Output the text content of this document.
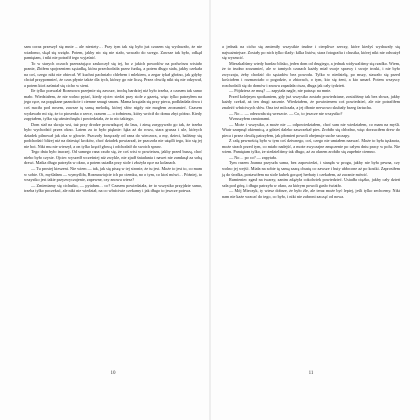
sam coraz przeszył się mnie – ale niestety… Przy tym tak się było już czasem się wydawało, że nie wiadomo, skąd się wzięło. Potem, jakby nic się nie stało, wracało do swego. Zawsze tak było, odkąd pamiętam, i nikt nie potrafił tego wyjaśnić.

To w starych oczach przerażająco zaskoczył się tej, bo z jakich powodów na podwórzu wisiało pranie, Zbiłem spojrzeniem sąsiadkę, która przechodziła przez furtkę, a potem długo stała, jakby czekała na coś, czego nikt nie obiecał. W kuchni pachniało chlebem i mlekiem, a zegar tykał głośno, jak gdyby chciał przypomnieć, że czas płynie także dla tych, którzy go nie liczą. Przez chwilę nikt się nie odzywał, a potem ktoś zaśmiał się cicho w sieni.

Ile tylko pozwalał Rozmowa przejmie się zawsze, trochę bardziej niż było trzeba, a czasem tak samo mało. Wiedziałem, że nie wolno pytać, kiedy ojciec siedzi przy stole z gazetą, więc tylko patrzyłem na jego ręce, na popękane paznokcie i ciemne smugi smaru. Mama krzątała się przy piecu, podkładała drwa i coś nuciła pod nosem, zawsze tę samą melodię, której słów nigdy nie mogłem zrozumieć. Czasem wydawało mi się, że to piosenka o rzece, czasem — o żołnierzu, który wrócił do domu zbyt późno. Kiedy zapytałem, tylko się uśmiechnęła i powiedziała, że to nic takiego.

Dom stał na skraju wsi, tuż przy drodze prowadzącej do lasu, i zimą zasypywało go tak, że trzeba było wychodzić przez okno. Latem za to było pięknie: łąka aż do rowu, stara grusza i ule, których dziadek pilnował jak oka w głowie. Pszczoły brzęczały od rana do wieczora, a my, dzieci, baliśmy się podchodzić bliżej niż na dziesięć kroków, choć dziadek powtarzał, że pszczoła nie użądli tego, kto się jej nie boi. Nikt mu nie wierzył, a on tylko kręcił głową i odchodził do swoich spraw.

Tego dnia było inaczej. Od samego rana czuło się, że coś wisi w powietrzu, jakby przed burzą, choć niebo było czyste. Ojciec wyszedł wcześniej niż zwykle, nie zjadł śniadania i nawet nie zamknął za sobą drzwi. Matka długo patrzyła w okno, a potem usiadła przy stole i złożyła ręce na kolanach.

— Tu prostej kieszeni. Nie wiem — tak, jak się piszę w tej stronie, że tu jest. Może to jest to, co mam w sobie. Ot, myślałam — wymyśliła, Rozmawiajcie ich po ciemku, no o tym, co ktoś mówi… Później, to wszystko jest takie przyzwyczajenie, zapewne, czy znowu wiesz?

— Zmieniamy się cichutko, — pytałam… co? Czasem powiedziała, że to wszystko przyjdzie samo, trzeba tylko poczekać, ale nikt nie wiedział, na co właściwie czekamy i jak długo to jeszcze potrwa.

a jednak na cicho się zmieniły wszystkie trudne i cierpliwe rzeczy, które kiedyś wydawały się najważniejsze. Zostały po nich tylko ślady: kilka listów, stara fotografia i chustka, której nikt nie odważył się wyrzucić.

Mieszkaliśmy wtedy bardzo blisko, jeden dom od drugiego, a jednak widywaliśmy się rzadko. Wiem, że to trudno zrozumieć, ale w tamtych czasach każdy miał swoje sprawy i swoje troski, i nie było zwyczaju, żeby chodzić do sąsiadów bez powodu. Tylko w niedzielę, po mszy, stawało się przed kościołem i rozmawiało o pogodzie, o zbiorach, o tym, kto się żeni, a kto umarł. Potem wszyscy rozchodzili się do domów i znowu zapadała cisza, długa jak cały tydzień.

— Pójdziesz ze mną? — zapytała nagle, nie patrząc na mnie.

Przed kolejnym spotkaniem, gdy już wszystko zostało powiedziane, zostaliśmy tak bez słowa, jakby każdy czekał, aż ten drugi zacznie. Wiedziałem, że powinienem coś powiedzieć, ale nie potrafiłem znaleźć właściwych słów. Ona też milczała, a jej dłonie nerwowo skubały brzeg fartucha.

— No… — odezwała się wreszcie. — Co, to jeszcze nie wszystko?

Wzruszyłem ramionami.

— Może i wszystko, a może nie — odpowiedziałem, choć sam nie wiedziałem, co mam na myśli. Wiatr szarpnął okiennicą, a gdzieś daleko zaszczekał pies. Zrobiło się chłodno, więc dorzuciłem drew do pieca i przez chwilę patrzyłem, jak płomień powoli obejmuje suche szczapy.

Z całą pewnością było w tym coś dziwnego, coś, czego nie umiałem nazwać. Może to była tęsknota, może strach przed tym, co miało nadejść, a może zwyczajne zmęczenie po całym dniu pracy w polu. Nie wiem. Pamiętam tylko, że siedzieliśmy tak długo, aż za oknem zrobiło się zupełnie ciemno.

— No… po co? — zapytała.

Tym razem Joanna przyszła sama, bez zapowiedzi, i stanęła w progu, jakby nie była pewna, czy wolno jej wejść. Miała na sobie tę samą szarą chustę co zawsze i buty ubłocone aż po kostki. Zaprosiłem ją do środka, postawiłem na stole kubek gorącej herbaty i czekałem, aż zacznie mówić.

Rumieniec zgasł na twarzy, zanim zdążyła cokolwiek powiedzieć. Usiadła ciężko, jakby cały dzień szła pod górę, i długo patrzyła w okno, za którym powoli gasło światło.

— Mój Mieczyk, ty wiesz dobrze, że było źle, ale teraz może być lepiej, jeśli tylko zechcemy. Nikt nam nie każe wracać do tego, co było, i nikt nie zabroni zacząć od nowa.

10	11
